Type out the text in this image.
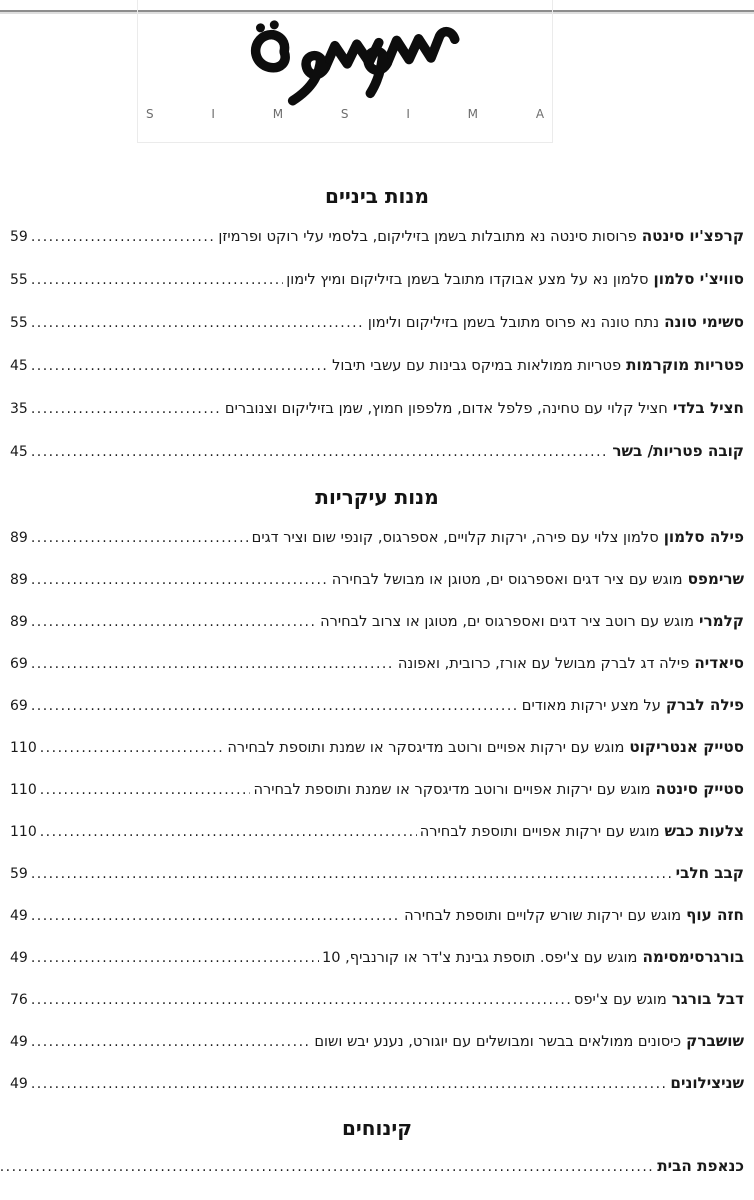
S I M S I M A
מנות ביניים
קרפצ'יו סינטה
פרוסות סינטה נא מתובלות בשמן בזיליקום, בלסמי עלי רוקט ופרמיזן
.....
59
סוויצ'י סלמון
סלמון נא על מצע אבוקדו מתובל בשמן בזיליקום ומיץ לימון
.....
55
סשימי טונה
נתח טונה נא פרוס מתובל בשמן בזיליקום ולימון
.....
55
פטריות מוקרמות
פטריות ממולאות במיקס גבינות עם עשבי תיבול
.....
45
חציל בלדי
חציל קלוי עם טחינה, פלפל אדום, מלפפון חמוץ, שמן בזיליקום וצנוברים
.....
35
קובה פטריות/ בשר
.....
45
מנות עיקריות
פילה סלמון
סלמון צלוי עם פירה, ירקות קלויים, אספרגוס, קונפי שום וציר דגים
.....
89
שרימפס
מוגש עם ציר דגים ואספרגוס ים, מטוגן או מבושל לבחירה
.....
89
קלמרי
מוגש עם רוטב ציר דגים ואספרגוס ים, מטוגן או צרוב לבחירה
.....
89
סיאדיה
פילה דג לברק מבושל עם אורז, כרובית, ואפונה
.....
69
פילה לברק
על מצע ירקות מאודים
.....
69
סטייק אנטריקוט
מוגש עם ירקות אפויים ורוטב מדיגסקר או שמנת ותוספת לבחירה
.....
110
סטייק סינטה
מוגש עם ירקות אפויים ורוטב מדיגסקר או שמנת ותוספת לבחירה
.....
110
צלעות כבש
מוגש עם ירקות אפויים ותוספת לבחירה
.....
110
קבב חלבי
.....
59
חזה עוף
מוגש עם ירקות שורש קלויים ותוספת לבחירה
.....
49
בורגרסימסימה
מוגש עם צ'יפס. תוספת גבינת צ'דר או קורנביף, 10
.....
49
דבל בורגר
מוגש עם צ'יפס
.....
76
שושברק
כיסונים ממולאים בבשר ומבושלים עם יוגורט, נענע יבש ושום
.....
49
שניצילונים
.....
49
קינוחים
כנאפת הבית
.....
